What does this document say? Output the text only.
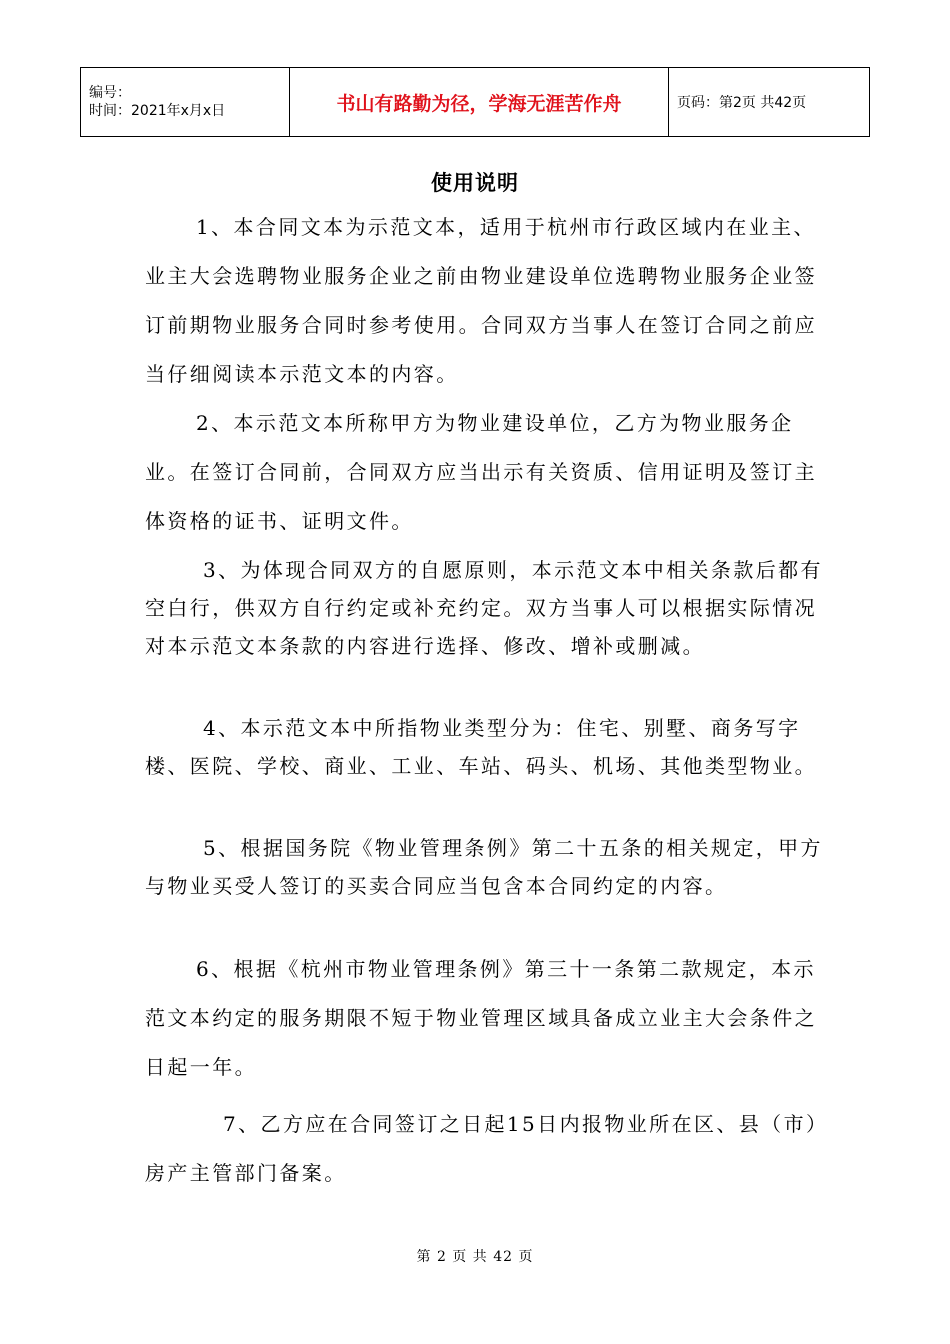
编号：
时间：2021年x月x日	书山有路勤为径，学海无涯苦作舟	页码：第2页 共42页
使用说明

1、本合同文本为示范文本，适用于杭州市行政区域内在业主、业主大会选聘物业服务企业之前由物业建设单位选聘物业服务企业签订前期物业服务合同时参考使用。合同双方当事人在签订合同之前应当仔细阅读本示范文本的内容。

2、本示范文本所称甲方为物业建设单位，乙方为物业服务企业。在签订合同前，合同双方应当出示有关资质、信用证明及签订主体资格的证书、证明文件。

3、为体现合同双方的自愿原则，本示范文本中相关条款后都有空白行，供双方自行约定或补充约定。双方当事人可以根据实际情况对本示范文本条款的内容进行选择、修改、增补或删减。

4、本示范文本中所指物业类型分为：住宅、别墅、商务写字楼、医院、学校、商业、工业、车站、码头、机场、其他类型物业。

5、根据国务院《物业管理条例》第二十五条的相关规定，甲方与物业买受人签订的买卖合同应当包含本合同约定的内容。

6、根据《杭州市物业管理条例》第三十一条第二款规定，本示范文本约定的服务期限不短于物业管理区域具备成立业主大会条件之日起一年。

7、乙方应在合同签订之日起15日内报物业所在区、县（市）房产主管部门备案。

第 2 页 共 42 页
